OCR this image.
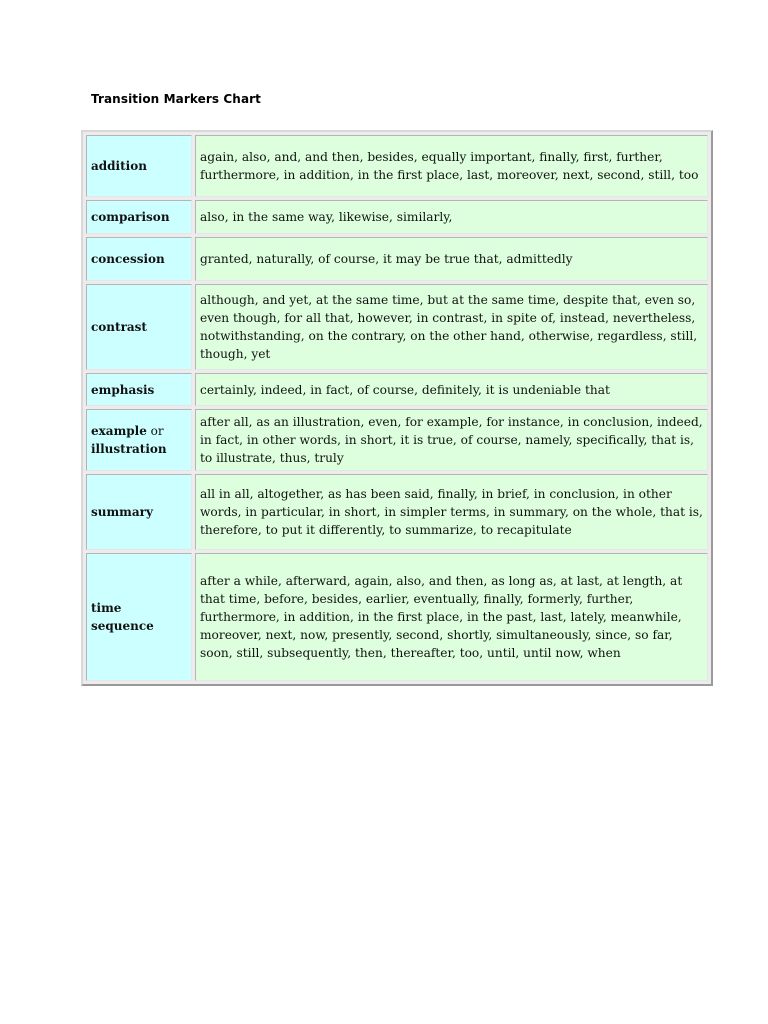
Transition Markers Chart
addition	again, also, and, and then, besides, equally important, finally, first, further, furthermore, in addition, in the first place, last, moreover, next, second, still, too
comparison	also, in the same way, likewise, similarly,
concession	granted, naturally, of course, it may be true that, admittedly
contrast	although, and yet, at the same time, but at the same time, despite that, even so, even though, for all that, however, in contrast, in spite of, instead, nevertheless, notwithstanding, on the contrary, on the other hand, otherwise, regardless, still, though, yet
emphasis	certainly, indeed, in fact, of course, definitely, it is undeniable that
example or illustration	after all, as an illustration, even, for example, for instance, in conclusion, indeed, in fact, in other words, in short, it is true, of course, namely, specifically, that is, to illustrate, thus, truly
summary	all in all, altogether, as has been said, finally, in brief, in conclusion, in other words, in particular, in short, in simpler terms, in summary, on the whole, that is, therefore, to put it differently, to summarize, to recapitulate
time sequence	after a while, afterward, again, also, and then, as long as, at last, at length, at that time, before, besides, earlier, eventually, finally, formerly, further, furthermore, in addition, in the first place, in the past, last, lately, meanwhile, moreover, next, now, presently, second, shortly, simultaneously, since, so far, soon, still, subsequently, then, thereafter, too, until, until now, when
